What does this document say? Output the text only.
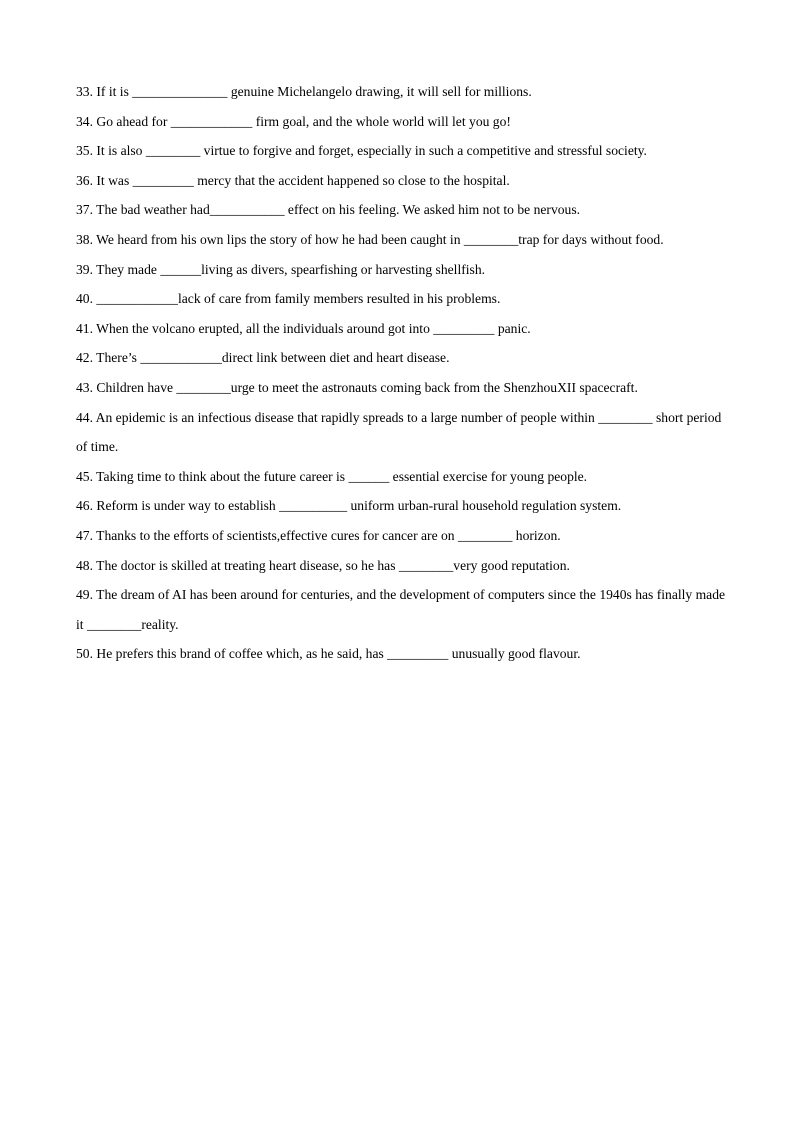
33. If it is ______________ genuine Michelangelo drawing, it will sell for millions.
34. Go ahead for ____________ firm goal, and the whole world will let you go!
35. It is also ________ virtue to forgive and forget, especially in such a competitive and stressful society.
36. It was _________ mercy that the accident happened so close to the hospital.
37. The bad weather had___________ effect on his feeling. We asked him not to be nervous.
38. We heard from his own lips the story of how he had been caught in ________trap for days without food.
39. They made ______living as divers, spearfishing or harvesting shellfish.
40. ____________lack of care from family members resulted in his problems.
41. When the volcano erupted, all the individuals around got into _________ panic.
42. There’s ____________direct link between diet and heart disease.
43. Children have ________urge to meet the astronauts coming back from the ShenzhouXII spacecraft.
44. An epidemic is an infectious disease that rapidly spreads to a large number of people within ________ short period of time.
45. Taking time to think about the future career is ______ essential exercise for young people.
46. Reform is under way to establish __________ uniform urban-rural household regulation system.
47. Thanks to the efforts of scientists,effective cures for cancer are on ________ horizon.
48. The doctor is skilled at treating heart disease, so he has ________very good reputation.
49. The dream of AI has been around for centuries, and the development of computers since the 1940s has finally made it ________reality.
50. He prefers this brand of coffee which, as he said, has _________ unusually good flavour.
